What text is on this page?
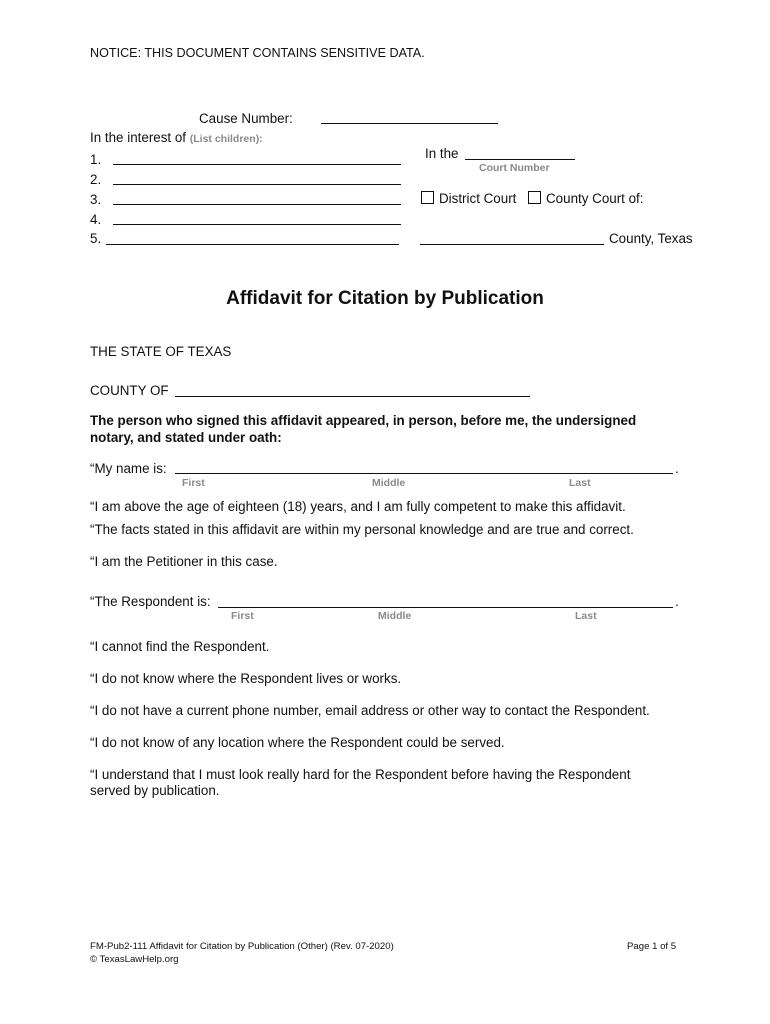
NOTICE: THIS DOCUMENT CONTAINS SENSITIVE DATA.
Cause Number:
In the interest of (List children):
1.
2.
3.
4.
5.
In the
Court Number
District Court	County Court of:
County, Texas
Affidavit for Citation by Publication
THE STATE OF TEXAS
COUNTY OF
The person who signed this affidavit appeared, in person, before me, the undersigned
notary, and stated under oath:
“My name is:	.
First	Middle	Last
“I am above the age of eighteen (18) years, and I am fully competent to make this affidavit.
“The facts stated in this affidavit are within my personal knowledge and are true and correct.
“I am the Petitioner in this case.
“The Respondent is:	.
First	Middle	Last
“I cannot find the Respondent.
“I do not know where the Respondent lives or works.
“I do not have a current phone number, email address or other way to contact the Respondent.
“I do not know of any location where the Respondent could be served.
“I understand that I must look really hard for the Respondent before having the Respondent
served by publication.
FM-Pub2-111 Affidavit for Citation by Publication (Other) (Rev. 07-2020)
© TexasLawHelp.org
Page 1 of 5
